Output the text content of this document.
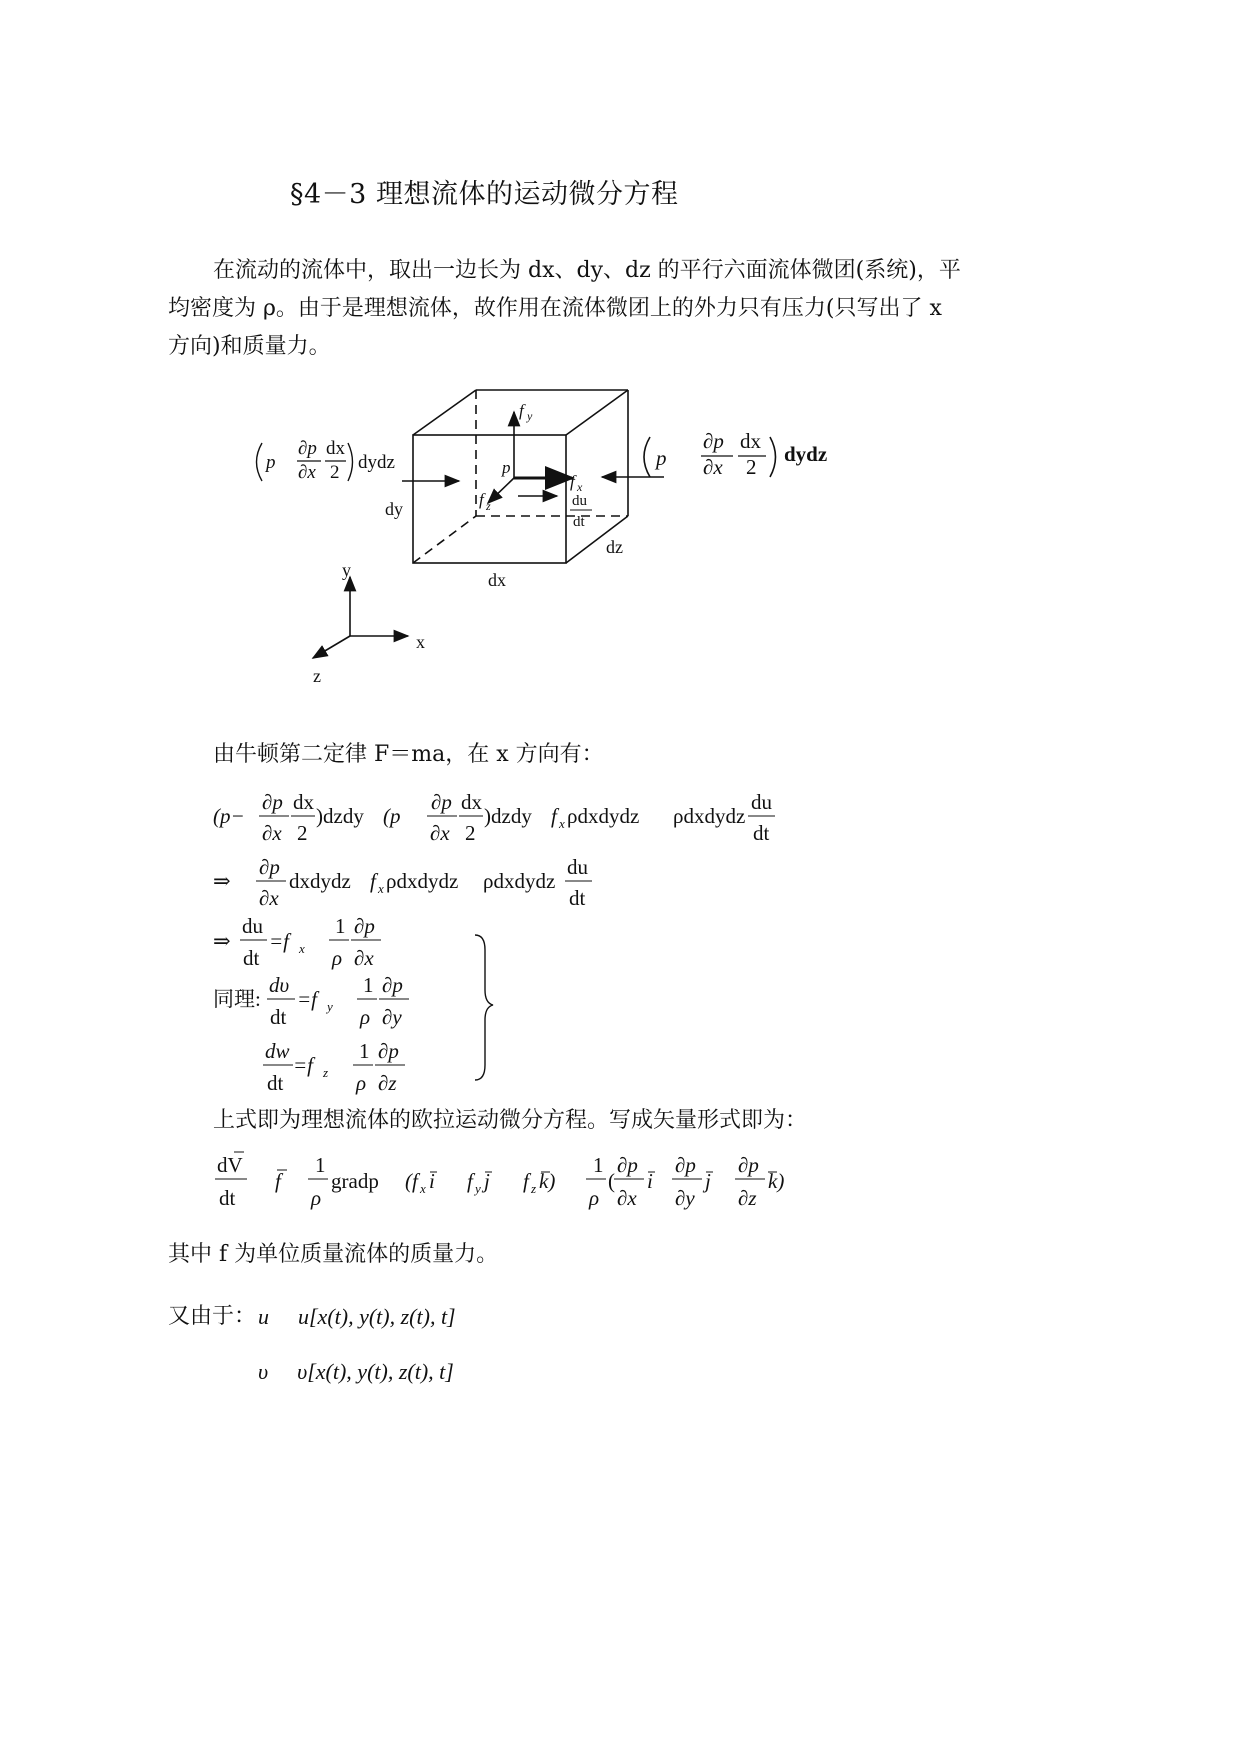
§4－3 理想流体的运动微分方程
在流动的流体中，取出一边长为 dx、dy、dz 的平行六面流体微团(系统)，平
均密度为 ρ。由于是理想流体，故作用在流体微团上的外力只有压力(只写出了 x
方向)和质量力。
p
∂p
∂x
dx
2 dydz	p
∂p
∂x
dx
2
dydz
f y
p
f x
f z	du
dt
dy
dz
dx
y
x
z
由牛顿第二定律 F＝ma，在 x 方向有：
(p−
∂p
∂x
dx
2
)dzdy (p
∂p
∂x
dx
2
)dzdy f x ρdxdydz ρdxdydz
du
dt
⇒
∂p
∂x
dxdydz f x ρdxdydz ρdxdydz
du
dt
⇒
du
dt
=f x
1
ρ
∂p
∂x
同理:
dυ
dt
=f y
1
ρ
∂p
∂y
dw
dt
=f z
1
ρ
∂p
∂z
上式即为理想流体的欧拉运动微分方程。写成矢量形式即为：
dV
dt
f
1
ρ
gradp (f x i f y j f z k)
1
ρ
(
∂p
∂x
i
∂p
∂y
j
∂p
∂z
k)
其中 f 为单位质量流体的质量力。
又由于： u u[x(t), y(t), z(t), t]
υ υ[x(t), y(t), z(t), t]
